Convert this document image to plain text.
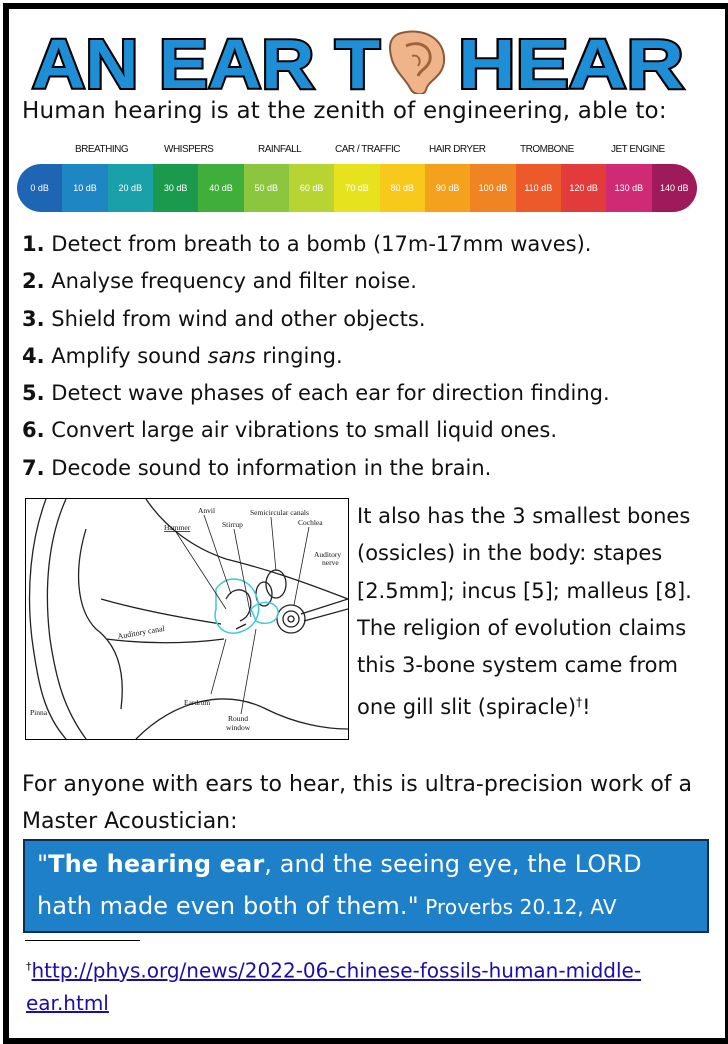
AN EAR T HEAR
Human hearing is at the zenith of engineering, able to:
0 dB	10 dB	20 dB	30 dB	40 dB	50 dB	60 dB	70 dB	80 dB	90 dB	100 dB	110 dB	120 dB	130 dB	140 dB
BREATHING	WHISPERS	RAINFALL	CAR / TRAFFIC	HAIR DRYER	TROMBONE	JET ENGINE
1. Detect from breath to a bomb (17m-17mm waves).
2. Analyse frequency and filter noise.
3. Shield from wind and other objects.
4. Amplify sound sans ringing.
5. Detect wave phases of each ear for direction finding.
6. Convert large air vibrations to small liquid ones.
7. Decode sound to information in the brain.
Anvil
Hammer	Stirrup
Semicircular canals
Cochlea
Auditory
nerve
Auditory canal
Pinna
Eardrum
Round
window
It also has the 3 smallest bones (ossicles) in the body: stapes [2.5mm]; incus [5]; malleus [8]. The religion of evolution claims this 3-bone system came from one gill slit (spiracle)†!
For anyone with ears to hear, this is ultra-precision work of a Master Acoustician:
"The hearing ear, and the seeing eye, the LORD hath made even both of them." Proverbs 20.12, AV
†http://phys.org/news/2022-06-chinese-fossils-human-middle-ear.html
